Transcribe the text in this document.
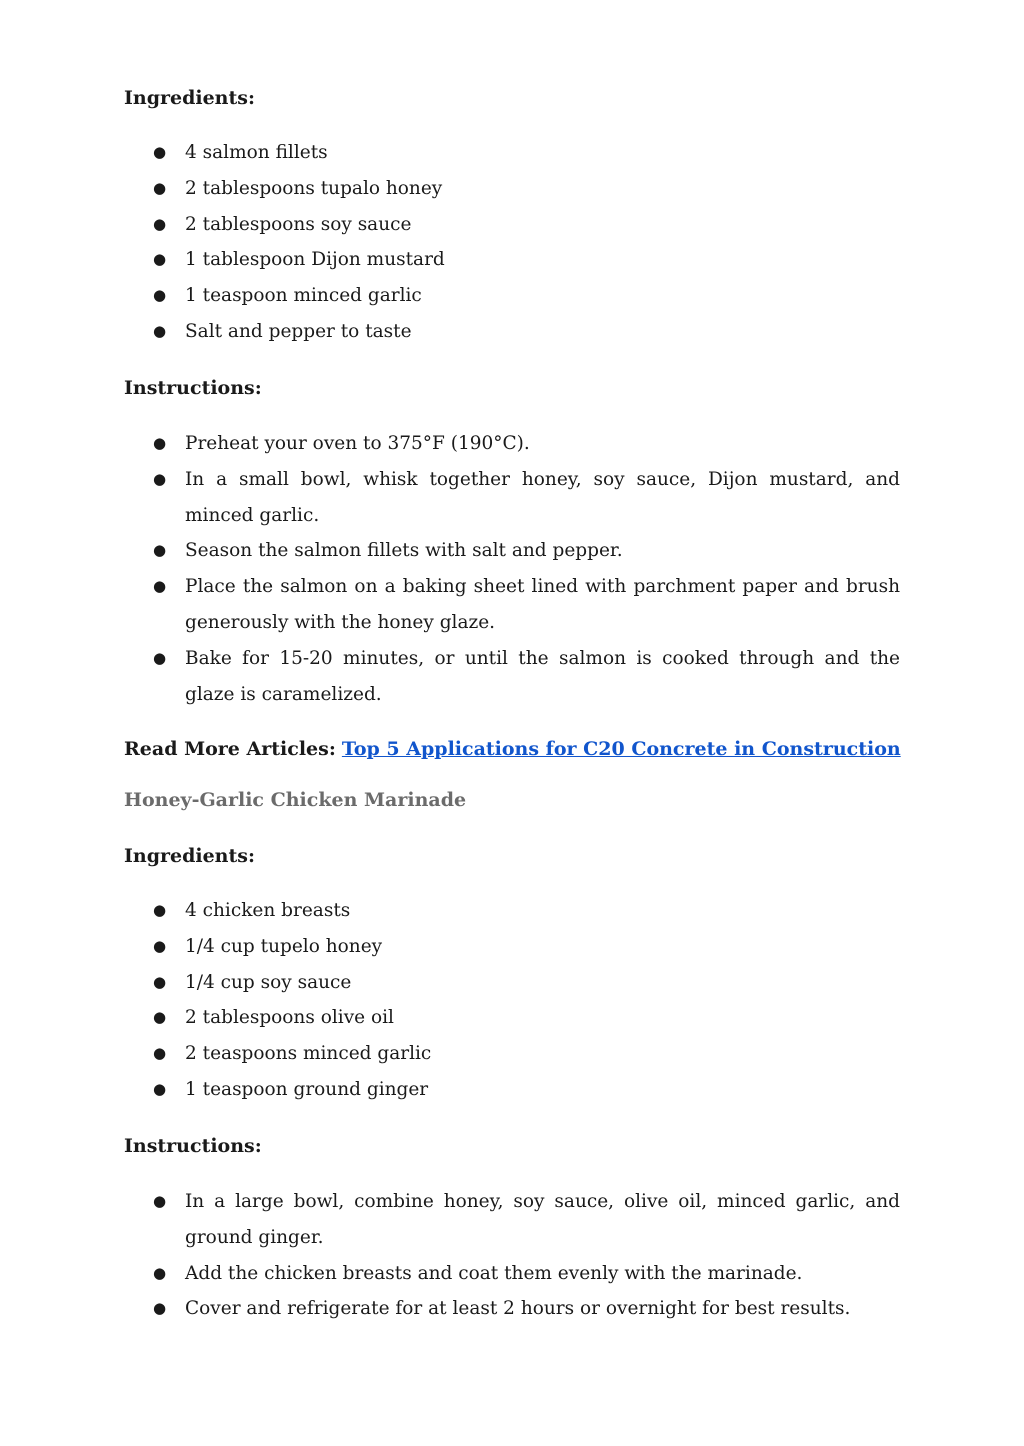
Ingredients:
● 4 salmon fillets
● 2 tablespoons tupalo honey
● 2 tablespoons soy sauce
● 1 tablespoon Dijon mustard
● 1 teaspoon minced garlic
● Salt and pepper to taste
Instructions:
● Preheat your oven to 375°F (190°C).
● In a small bowl, whisk together honey, soy sauce, Dijon mustard, and minced garlic.
● Season the salmon fillets with salt and pepper.
● Place the salmon on a baking sheet lined with parchment paper and brush generously with the honey glaze.
● Bake for 15-20 minutes, or until the salmon is cooked through and the glaze is caramelized.
Read More Articles: Top 5 Applications for C20 Concrete in Construction
Honey-Garlic Chicken Marinade
Ingredients:
● 4 chicken breasts
● 1/4 cup tupelo honey
● 1/4 cup soy sauce
● 2 tablespoons olive oil
● 2 teaspoons minced garlic
● 1 teaspoon ground ginger
Instructions:
● In a large bowl, combine honey, soy sauce, olive oil, minced garlic, and ground ginger.
● Add the chicken breasts and coat them evenly with the marinade.
● Cover and refrigerate for at least 2 hours or overnight for best results.
